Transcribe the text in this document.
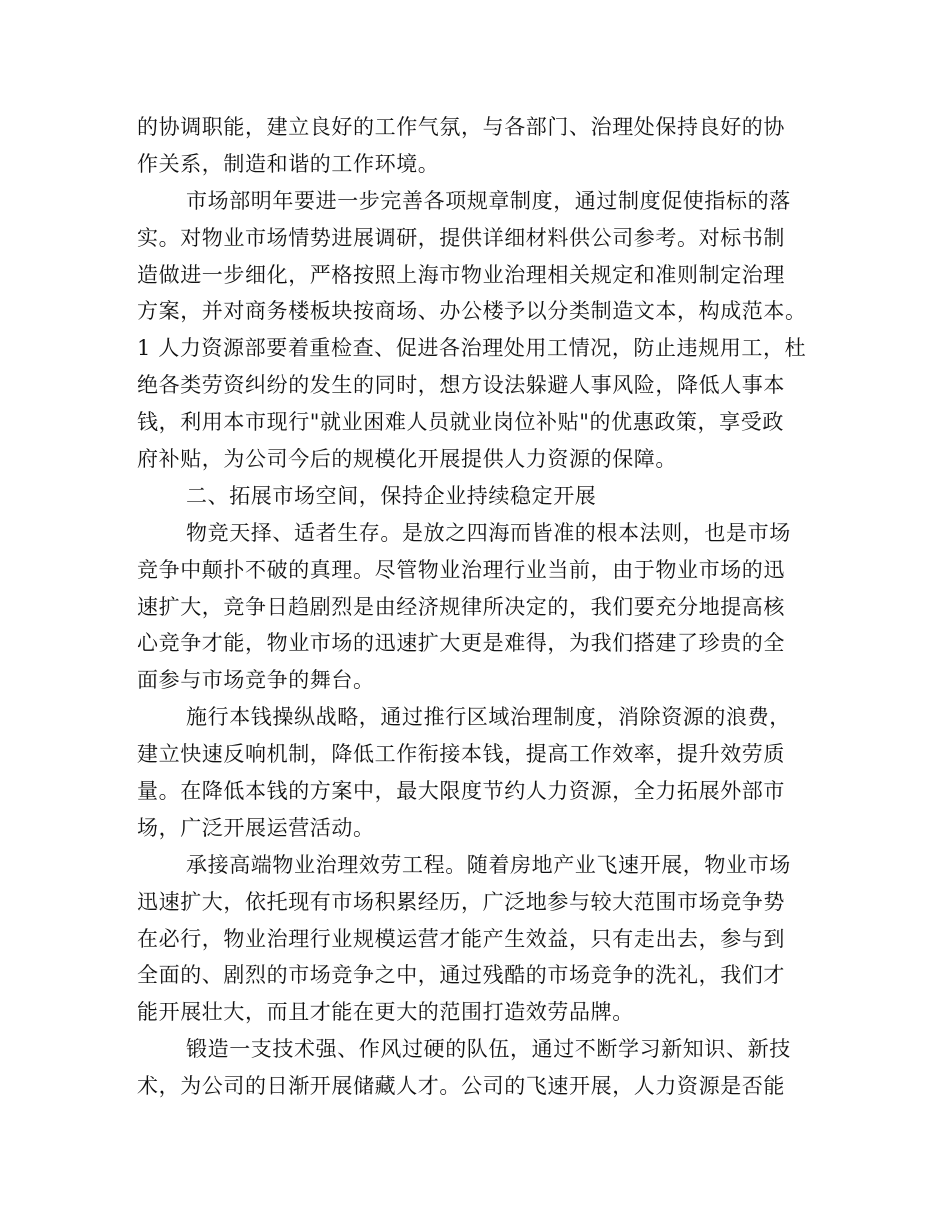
的协调职能，建立良好的工作气氛，与各部门、治理处保持良好的协
作关系，制造和谐的工作环境。
市场部明年要进一步完善各项规章制度，通过制度促使指标的落
实。对物业市场情势进展调研，提供详细材料供公司参考。对标书制
造做进一步细化，严格按照上海市物业治理相关规定和准则制定治理
方案，并对商务楼板块按商场、办公楼予以分类制造文本，构成范本。
1 人力资源部要着重检查、促进各治理处用工情况，防止违规用工，杜
绝各类劳资纠纷的发生的同时，想方设法躲避人事风险，降低人事本
钱，利用本市现行"就业困难人员就业岗位补贴"的优惠政策，享受政
府补贴，为公司今后的规模化开展提供人力资源的保障。
二、拓展市场空间，保持企业持续稳定开展
物竞天择、适者生存。是放之四海而皆准的根本法则，也是市场
竞争中颠扑不破的真理。尽管物业治理行业当前，由于物业市场的迅
速扩大，竞争日趋剧烈是由经济规律所决定的，我们要充分地提高核
心竞争才能，物业市场的迅速扩大更是难得，为我们搭建了珍贵的全
面参与市场竞争的舞台。
施行本钱操纵战略，通过推行区域治理制度，消除资源的浪费，
建立快速反响机制，降低工作衔接本钱，提高工作效率，提升效劳质
量。在降低本钱的方案中，最大限度节约人力资源，全力拓展外部市
场，广泛开展运营活动。
承接高端物业治理效劳工程。随着房地产业飞速开展，物业市场
迅速扩大，依托现有市场积累经历，广泛地参与较大范围市场竞争势
在必行，物业治理行业规模运营才能产生效益，只有走出去，参与到
全面的、剧烈的市场竞争之中，通过残酷的市场竞争的洗礼，我们才
能开展壮大，而且才能在更大的范围打造效劳品牌。
锻造一支技术强、作风过硬的队伍，通过不断学习新知识、新技
术，为公司的日渐开展储藏人才。公司的飞速开展，人力资源是否能
